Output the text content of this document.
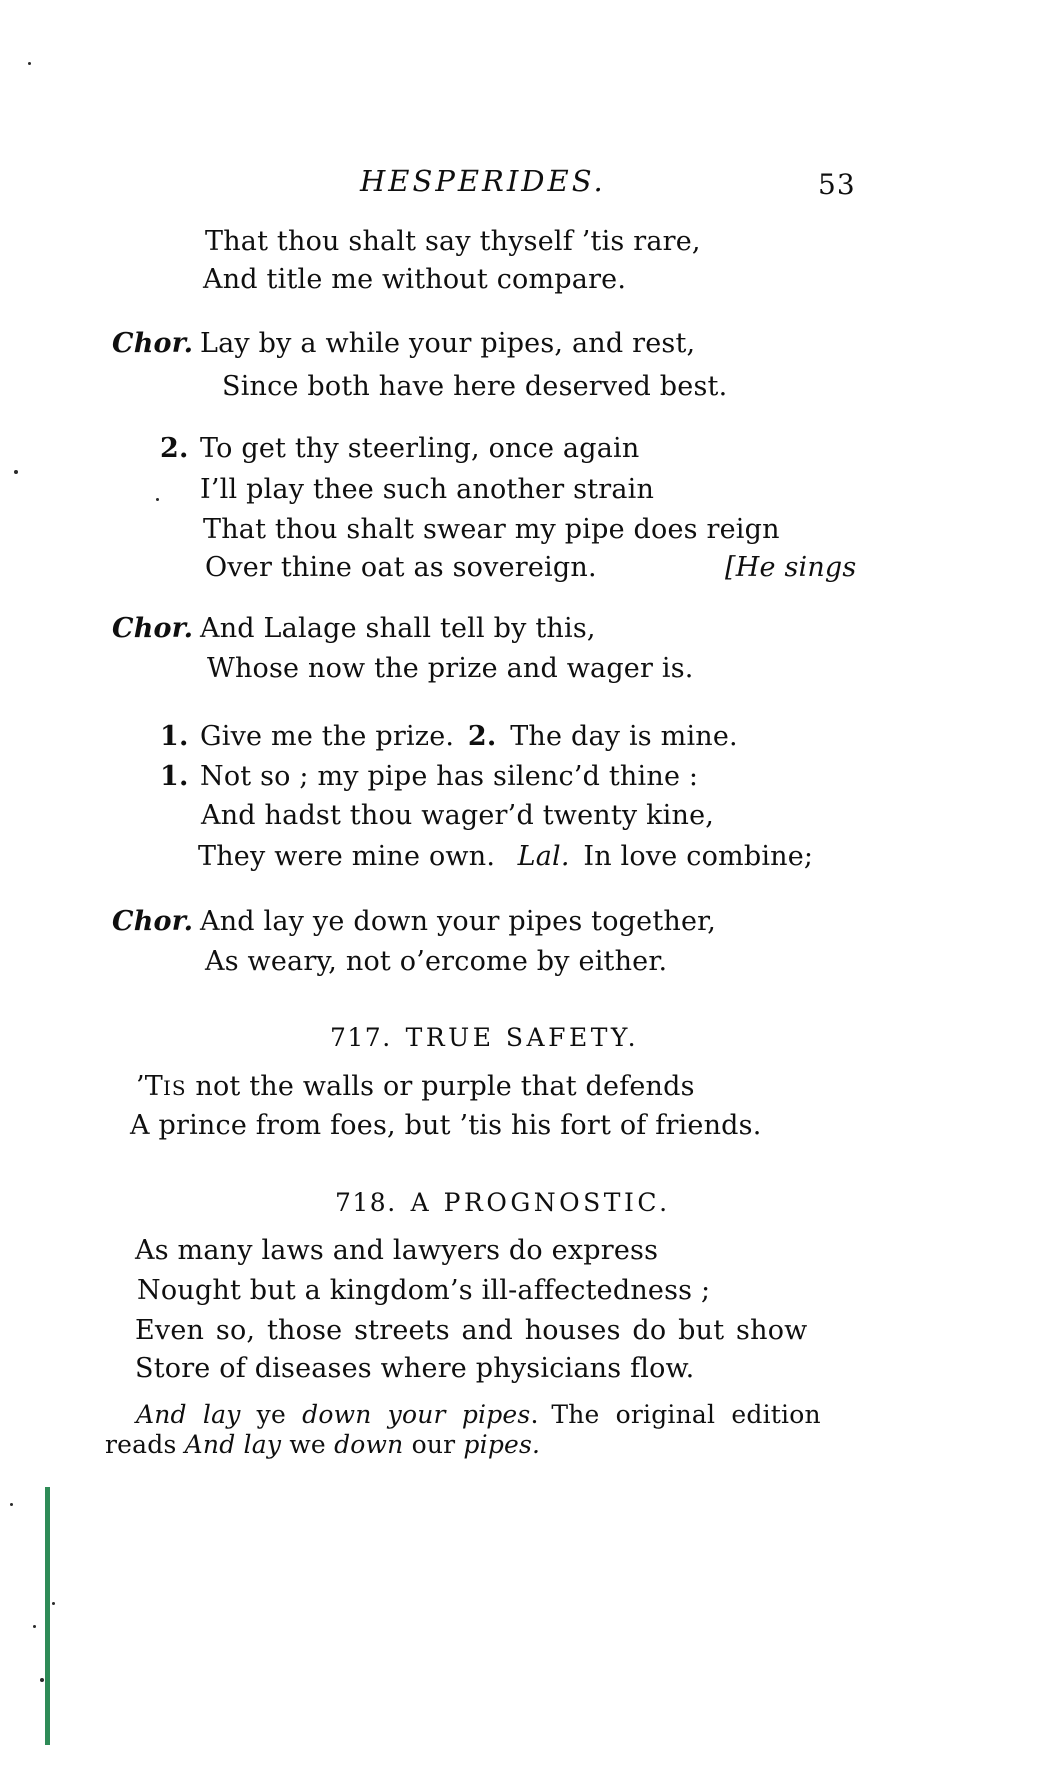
HESPERIDES.	53
That thou shalt say thyself ’tis rare,
And title me without compare.
Chor. Lay by a while your pipes, and rest,
Since both have here deserved best.
2. To get thy steerling, once again
I’ll play thee such another strain
That thou shalt swear my pipe does reign
Over thine oat as sovereign.	[He sings
Chor. And Lalage shall tell by this,
Whose now the prize and wager is.
1. Give me the prize. 2. The day is mine.
1. Not so ; my pipe has silenc’d thine :
And hadst thou wager’d twenty kine,
They were mine own.  Lal. In love combine;
Chor. And lay ye down your pipes together,
As weary, not o’ercome by either.
717. TRUE SAFETY.
’TIS not the walls or purple that defends
A prince from foes, but ’tis his fort of friends.
718. A PROGNOSTIC.
As many laws and lawyers do express
Nought but a kingdom’s ill-affectedness ;
Even so, those streets and houses do but show
Store of diseases where physicians flow.
And lay ye down your pipes. The original edition
reads And lay we down our pipes.
